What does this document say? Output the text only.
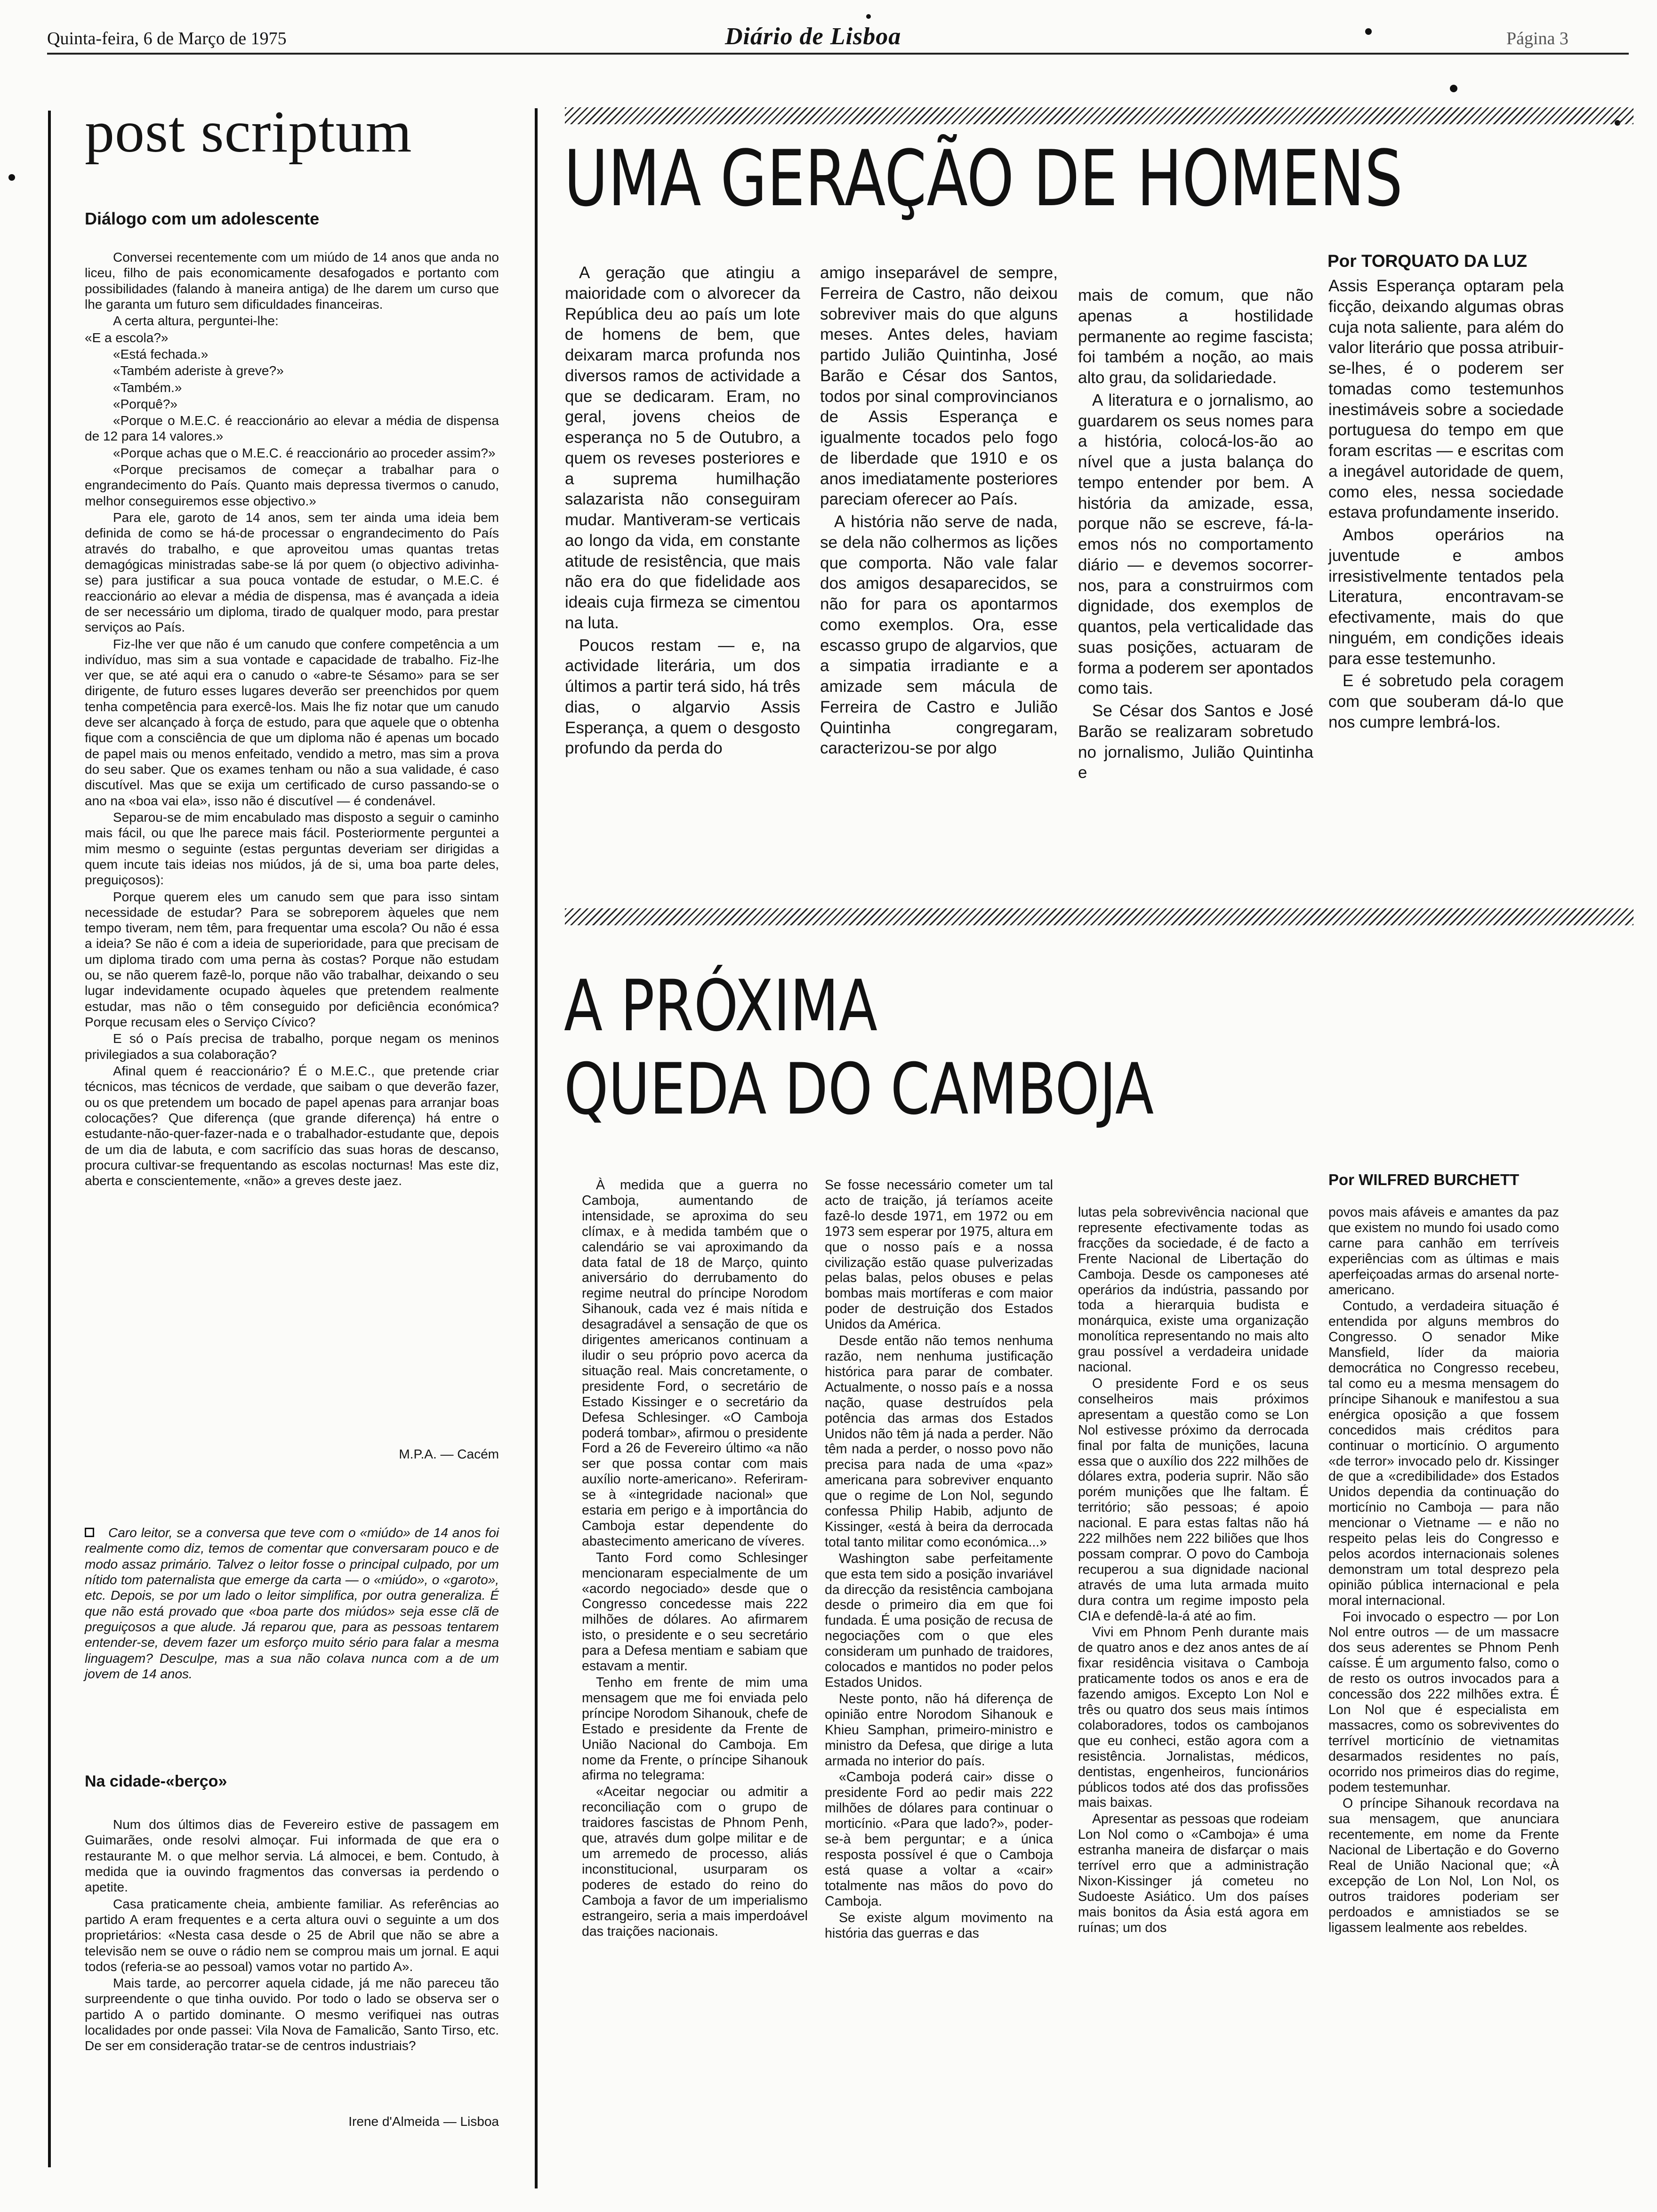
Quinta-feira, 6 de Março de 1975	Diário de Lisboa	Página 3
post scriptum
Diálogo com um adolescente

Conversei recentemente com um miúdo de 14 anos que anda no liceu, filho de pais economicamente desafogados e portanto com possibilidades (falando à maneira antiga) de lhe darem um curso que lhe garanta um futuro sem dificuldades financeiras.

A certa altura, perguntei-lhe:

«E a escola?»

«Está fechada.»

«Também aderiste à greve?»

«Também.»

«Porquê?»

«Porque o M.E.C. é reaccionário ao elevar a média de dispensa de 12 para 14 valores.»

«Porque achas que o M.E.C. é reaccionário ao proceder assim?»

«Porque precisamos de começar a trabalhar para o engrandecimento do País. Quanto mais depressa tivermos o canudo, melhor conseguiremos esse objectivo.»

Para ele, garoto de 14 anos, sem ter ainda uma ideia bem definida de como se há-de processar o engrandecimento do País através do trabalho, e que aproveitou umas quantas tretas demagógicas ministradas sabe-se lá por quem (o objectivo adivinha-se) para justificar a sua pouca vontade de estudar, o M.E.C. é reaccionário ao elevar a média de dispensa, mas é avançada a ideia de ser necessário um diploma, tirado de qualquer modo, para prestar serviços ao País.

Fiz-lhe ver que não é um canudo que confere competência a um indivíduo, mas sim a sua vontade e capacidade de trabalho. Fiz-lhe ver que, se até aqui era o canudo o «abre-te Sésamo» para se ser dirigente, de futuro esses lugares deverão ser preenchidos por quem tenha competência para exercê-los. Mais lhe fiz notar que um canudo deve ser alcançado à força de estudo, para que aquele que o obtenha fique com a consciência de que um diploma não é apenas um bocado de papel mais ou menos enfeitado, vendido a metro, mas sim a prova do seu saber. Que os exames tenham ou não a sua validade, é caso discutível. Mas que se exija um certificado de curso passando-se o ano na «boa vai ela», isso não é discutível — é condenável.

Separou-se de mim encabulado mas disposto a seguir o caminho mais fácil, ou que lhe parece mais fácil. Posteriormente perguntei a mim mesmo o seguinte (estas perguntas deveriam ser dirigidas a quem incute tais ideias nos miúdos, já de si, uma boa parte deles, preguiçosos):

Porque querem eles um canudo sem que para isso sintam necessidade de estudar? Para se sobreporem àqueles que nem tempo tiveram, nem têm, para frequentar uma escola? Ou não é essa a ideia? Se não é com a ideia de superioridade, para que precisam de um diploma tirado com uma perna às costas? Porque não estudam ou, se não querem fazê-lo, porque não vão trabalhar, deixando o seu lugar indevidamente ocupado àqueles que pretendem realmente estudar, mas não o têm conseguido por deficiência económica? Porque recusam eles o Serviço Cívico?

E só o País precisa de trabalho, porque negam os meninos privilegiados a sua colaboração?

Afinal quem é reaccionário? É o M.E.C., que pretende criar técnicos, mas técnicos de verdade, que saibam o que deverão fazer, ou os que pretendem um bocado de papel apenas para arranjar boas colocações? Que diferença (que grande diferença) há entre o estudante-não-quer-fazer-nada e o trabalhador-estudante que, depois de um dia de labuta, e com sacrifício das suas horas de descanso, procura cultivar-se frequentando as escolas nocturnas! Mas este diz, aberta e conscientemente, «não» a greves deste jaez.

M.P.A. — Cacém
Caro leitor, se a conversa que teve com o «miúdo» de 14 anos foi realmente como diz, temos de comentar que conversaram pouco e de modo assaz primário. Talvez o leitor fosse o principal culpado, por um nítido tom paternalista que emerge da carta — o «miúdo», o «garoto», etc. Depois, se por um lado o leitor simplifica, por outra generaliza. É que não está provado que «boa parte dos miúdos» seja esse clã de preguiçosos a que alude. Já reparou que, para as pessoas tentarem entender-se, devem fazer um esforço muito sério para falar a mesma linguagem? Desculpe, mas a sua não colava nunca com a de um jovem de 14 anos.
Na cidade-«berço»

Num dos últimos dias de Fevereiro estive de passagem em Guimarães, onde resolvi almoçar. Fui informada de que era o restaurante M. o que melhor servia. Lá almocei, e bem. Contudo, à medida que ia ouvindo fragmentos das conversas ia perdendo o apetite.

Casa praticamente cheia, ambiente familiar. As referências ao partido A eram frequentes e a certa altura ouvi o seguinte a um dos proprietários: «Nesta casa desde o 25 de Abril que não se abre a televisão nem se ouve o rádio nem se comprou mais um jornal. E aqui todos (referia-se ao pessoal) vamos votar no partido A».

Mais tarde, ao percorrer aquela cidade, já me não pareceu tão surpreendente o que tinha ouvido. Por todo o lado se observa ser o partido A o partido dominante. O mesmo verifiquei nas outras localidades por onde passei: Vila Nova de Famalicão, Santo Tirso, etc. De ser em consideração tratar-se de centros industriais?

Irene d'Almeida — Lisboa
UMA GERAÇÃO DE HOMENS
Por TORQUATO DA LUZ

A geração que atingiu a maioridade com o alvorecer da República deu ao país um lote de homens de bem, que deixaram marca profunda nos diversos ramos de actividade a que se dedicaram. Eram, no geral, jovens cheios de esperança no 5 de Outubro, a quem os reveses posteriores e a suprema humilhação salazarista não conseguiram mudar. Mantiveram-se verticais ao longo da vida, em constante atitude de resistência, que mais não era do que fidelidade aos ideais cuja firmeza se cimentou na luta.

Poucos restam — e, na actividade literária, um dos últimos a partir terá sido, há três dias, o algarvio Assis Esperança, a quem o desgosto profundo da perda do

amigo inseparável de sempre, Ferreira de Castro, não deixou sobreviver mais do que alguns meses. Antes deles, haviam partido Julião Quintinha, José Barão e César dos Santos, todos por sinal comprovincianos de Assis Esperança e igualmente tocados pelo fogo de liberdade que 1910 e os anos imediatamente posteriores pareciam oferecer ao País.

A história não serve de nada, se dela não colhermos as lições que comporta. Não vale falar dos amigos desaparecidos, se não for para os apontarmos como exemplos. Ora, esse escasso grupo de algarvios, que a simpatia irradiante e a amizade sem mácula de Ferreira de Castro e Julião Quintinha congregaram, caracterizou-se por algo

mais de comum, que não apenas a hostilidade permanente ao regime fascista; foi também a noção, ao mais alto grau, da solidariedade.

A literatura e o jornalismo, ao guardarem os seus nomes para a história, colocá-los-ão ao nível que a justa balança do tempo entender por bem. A história da amizade, essa, porque não se escreve, fá-la-emos nós no comportamento diário — e devemos socorrer-nos, para a construirmos com dignidade, dos exemplos de quantos, pela verticalidade das suas posições, actuaram de forma a poderem ser apontados como tais.

Se César dos Santos e José Barão se realizaram sobretudo no jornalismo, Julião Quintinha e

Assis Esperança optaram pela ficção, deixando algumas obras cuja nota saliente, para além do valor literário que possa atribuir-se-lhes, é o poderem ser tomadas como testemunhos inestimáveis sobre a sociedade portuguesa do tempo em que foram escritas — e escritas com a inegável autoridade de quem, como eles, nessa sociedade estava profundamente inserido.

Ambos operários na juventude e ambos irresistivelmente tentados pela Literatura, encontravam-se efectivamente, mais do que ninguém, em condições ideais para esse testemunho.

E é sobretudo pela coragem com que souberam dá-lo que nos cumpre lembrá-los.

A PRÓXIMA
QUEDA DO CAMBOJA
Por WILFRED BURCHETT

À medida que a guerra no Camboja, aumentando de intensidade, se aproxima do seu clímax, e à medida também que o calendário se vai aproximando da data fatal de 18 de Março, quinto aniversário do derrubamento do regime neutral do príncipe Norodom Sihanouk, cada vez é mais nítida e desagradável a sensação de que os dirigentes americanos continuam a iludir o seu próprio povo acerca da situação real. Mais concretamente, o presidente Ford, o secretário de Estado Kissinger e o secretário da Defesa Schlesinger. «O Camboja poderá tombar», afirmou o presidente Ford a 26 de Fevereiro último «a não ser que possa contar com mais auxílio norte-americano». Referiram-se à «integridade nacional» que estaria em perigo e à importância do Camboja estar dependente do abastecimento americano de víveres.

Tanto Ford como Schlesinger mencionaram especialmente de um «acordo negociado» desde que o Congresso concedesse mais 222 milhões de dólares. Ao afirmarem isto, o presidente e o seu secretário para a Defesa mentiam e sabiam que estavam a mentir.

Tenho em frente de mim uma mensagem que me foi enviada pelo príncipe Norodom Sihanouk, chefe de Estado e presidente da Frente de União Nacional do Camboja. Em nome da Frente, o príncipe Sihanouk afirma no telegrama:

«Aceitar negociar ou admitir a reconciliação com o grupo de traidores fascistas de Phnom Penh, que, através dum golpe militar e de um arremedo de processo, aliás inconstitucional, usurparam os poderes de estado do reino do Camboja a favor de um imperialismo estrangeiro, seria a mais imperdoável das traições nacionais.

Se fosse necessário cometer um tal acto de traição, já teríamos aceite fazê-lo desde 1971, em 1972 ou em 1973 sem esperar por 1975, altura em que o nosso país e a nossa civilização estão quase pulverizadas pelas balas, pelos obuses e pelas bombas mais mortíferas e com maior poder de destruição dos Estados Unidos da América.

Desde então não temos nenhuma razão, nem nenhuma justificação histórica para parar de combater. Actualmente, o nosso país e a nossa nação, quase destruídos pela potência das armas dos Estados Unidos não têm já nada a perder. Não têm nada a perder, o nosso povo não precisa para nada de uma «paz» americana para sobreviver enquanto que o regime de Lon Nol, segundo confessa Philip Habib, adjunto de Kissinger, «está à beira da derrocada total tanto militar como económica...»

Washington sabe perfeitamente que esta tem sido a posição invariável da direcção da resistência cambojana desde o primeiro dia em que foi fundada. É uma posição de recusa de negociações com o que eles consideram um punhado de traidores, colocados e mantidos no poder pelos Estados Unidos.

Neste ponto, não há diferença de opinião entre Norodom Sihanouk e Khieu Samphan, primeiro-ministro e ministro da Defesa, que dirige a luta armada no interior do país.

«Camboja poderá cair» disse o presidente Ford ao pedir mais 222 milhões de dólares para continuar o morticínio. «Para que lado?», poder-se-à bem perguntar; e a única resposta possível é que o Camboja está quase a voltar a «cair» totalmente nas mãos do povo do Camboja.

Se existe algum movimento na história das guerras e das

lutas pela sobrevivência nacional que represente efectivamente todas as fracções da sociedade, é de facto a Frente Nacional de Libertação do Camboja. Desde os camponeses até operários da indústria, passando por toda a hierarquia budista e monárquica, existe uma organização monolítica representando no mais alto grau possível a verdadeira unidade nacional.

O presidente Ford e os seus conselheiros mais próximos apresentam a questão como se Lon Nol estivesse próximo da derrocada final por falta de munições, lacuna essa que o auxílio dos 222 milhões de dólares extra, poderia suprir. Não são porém munições que lhe faltam. É território; são pessoas; é apoio nacional. E para estas faltas não há 222 milhões nem 222 biliões que lhos possam comprar. O povo do Camboja recuperou a sua dignidade nacional através de uma luta armada muito dura contra um regime imposto pela CIA e defendê-la-á até ao fim.

Vivi em Phnom Penh durante mais de quatro anos e dez anos antes de aí fixar residência visitava o Camboja praticamente todos os anos e era de fazendo amigos. Excepto Lon Nol e três ou quatro dos seus mais íntimos colaboradores, todos os cambojanos que eu conheci, estão agora com a resistência. Jornalistas, médicos, dentistas, engenheiros, funcionários públicos todos até dos das profissões mais baixas.

Apresentar as pessoas que rodeiam Lon Nol como o «Camboja» é uma estranha maneira de disfarçar o mais terrível erro que a administração Nixon-Kissinger já cometeu no Sudoeste Asiático. Um dos países mais bonitos da Ásia está agora em ruínas; um dos

povos mais afáveis e amantes da paz que existem no mundo foi usado como carne para canhão em terríveis experiências com as últimas e mais aperfeiçoadas armas do arsenal norte-americano.

Contudo, a verdadeira situação é entendida por alguns membros do Congresso. O senador Mike Mansfield, líder da maioria democrática no Congresso recebeu, tal como eu a mesma mensagem do príncipe Sihanouk e manifestou a sua enérgica oposição a que fossem concedidos mais créditos para continuar o morticínio. O argumento «de terror» invocado pelo dr. Kissinger de que a «credibilidade» dos Estados Unidos dependia da continuação do morticínio no Camboja — para não mencionar o Vietname — e não no respeito pelas leis do Congresso e pelos acordos internacionais solenes demonstram um total desprezo pela opinião pública internacional e pela moral internacional.

Foi invocado o espectro — por Lon Nol entre outros — de um massacre dos seus aderentes se Phnom Penh caísse. É um argumento falso, como o de resto os outros invocados para a concessão dos 222 milhões extra. É Lon Nol que é especialista em massacres, como os sobreviventes do terrível morticínio de vietnamitas desarmados residentes no país, ocorrido nos primeiros dias do regime, podem testemunhar.

O príncipe Sihanouk recordava na sua mensagem, que anunciara recentemente, em nome da Frente Nacional de Libertação e do Governo Real de União Nacional que; «À excepção de Lon Nol, Lon Nol, os outros traidores poderiam ser perdoados e amnistiados se se ligassem lealmente aos rebeldes.
